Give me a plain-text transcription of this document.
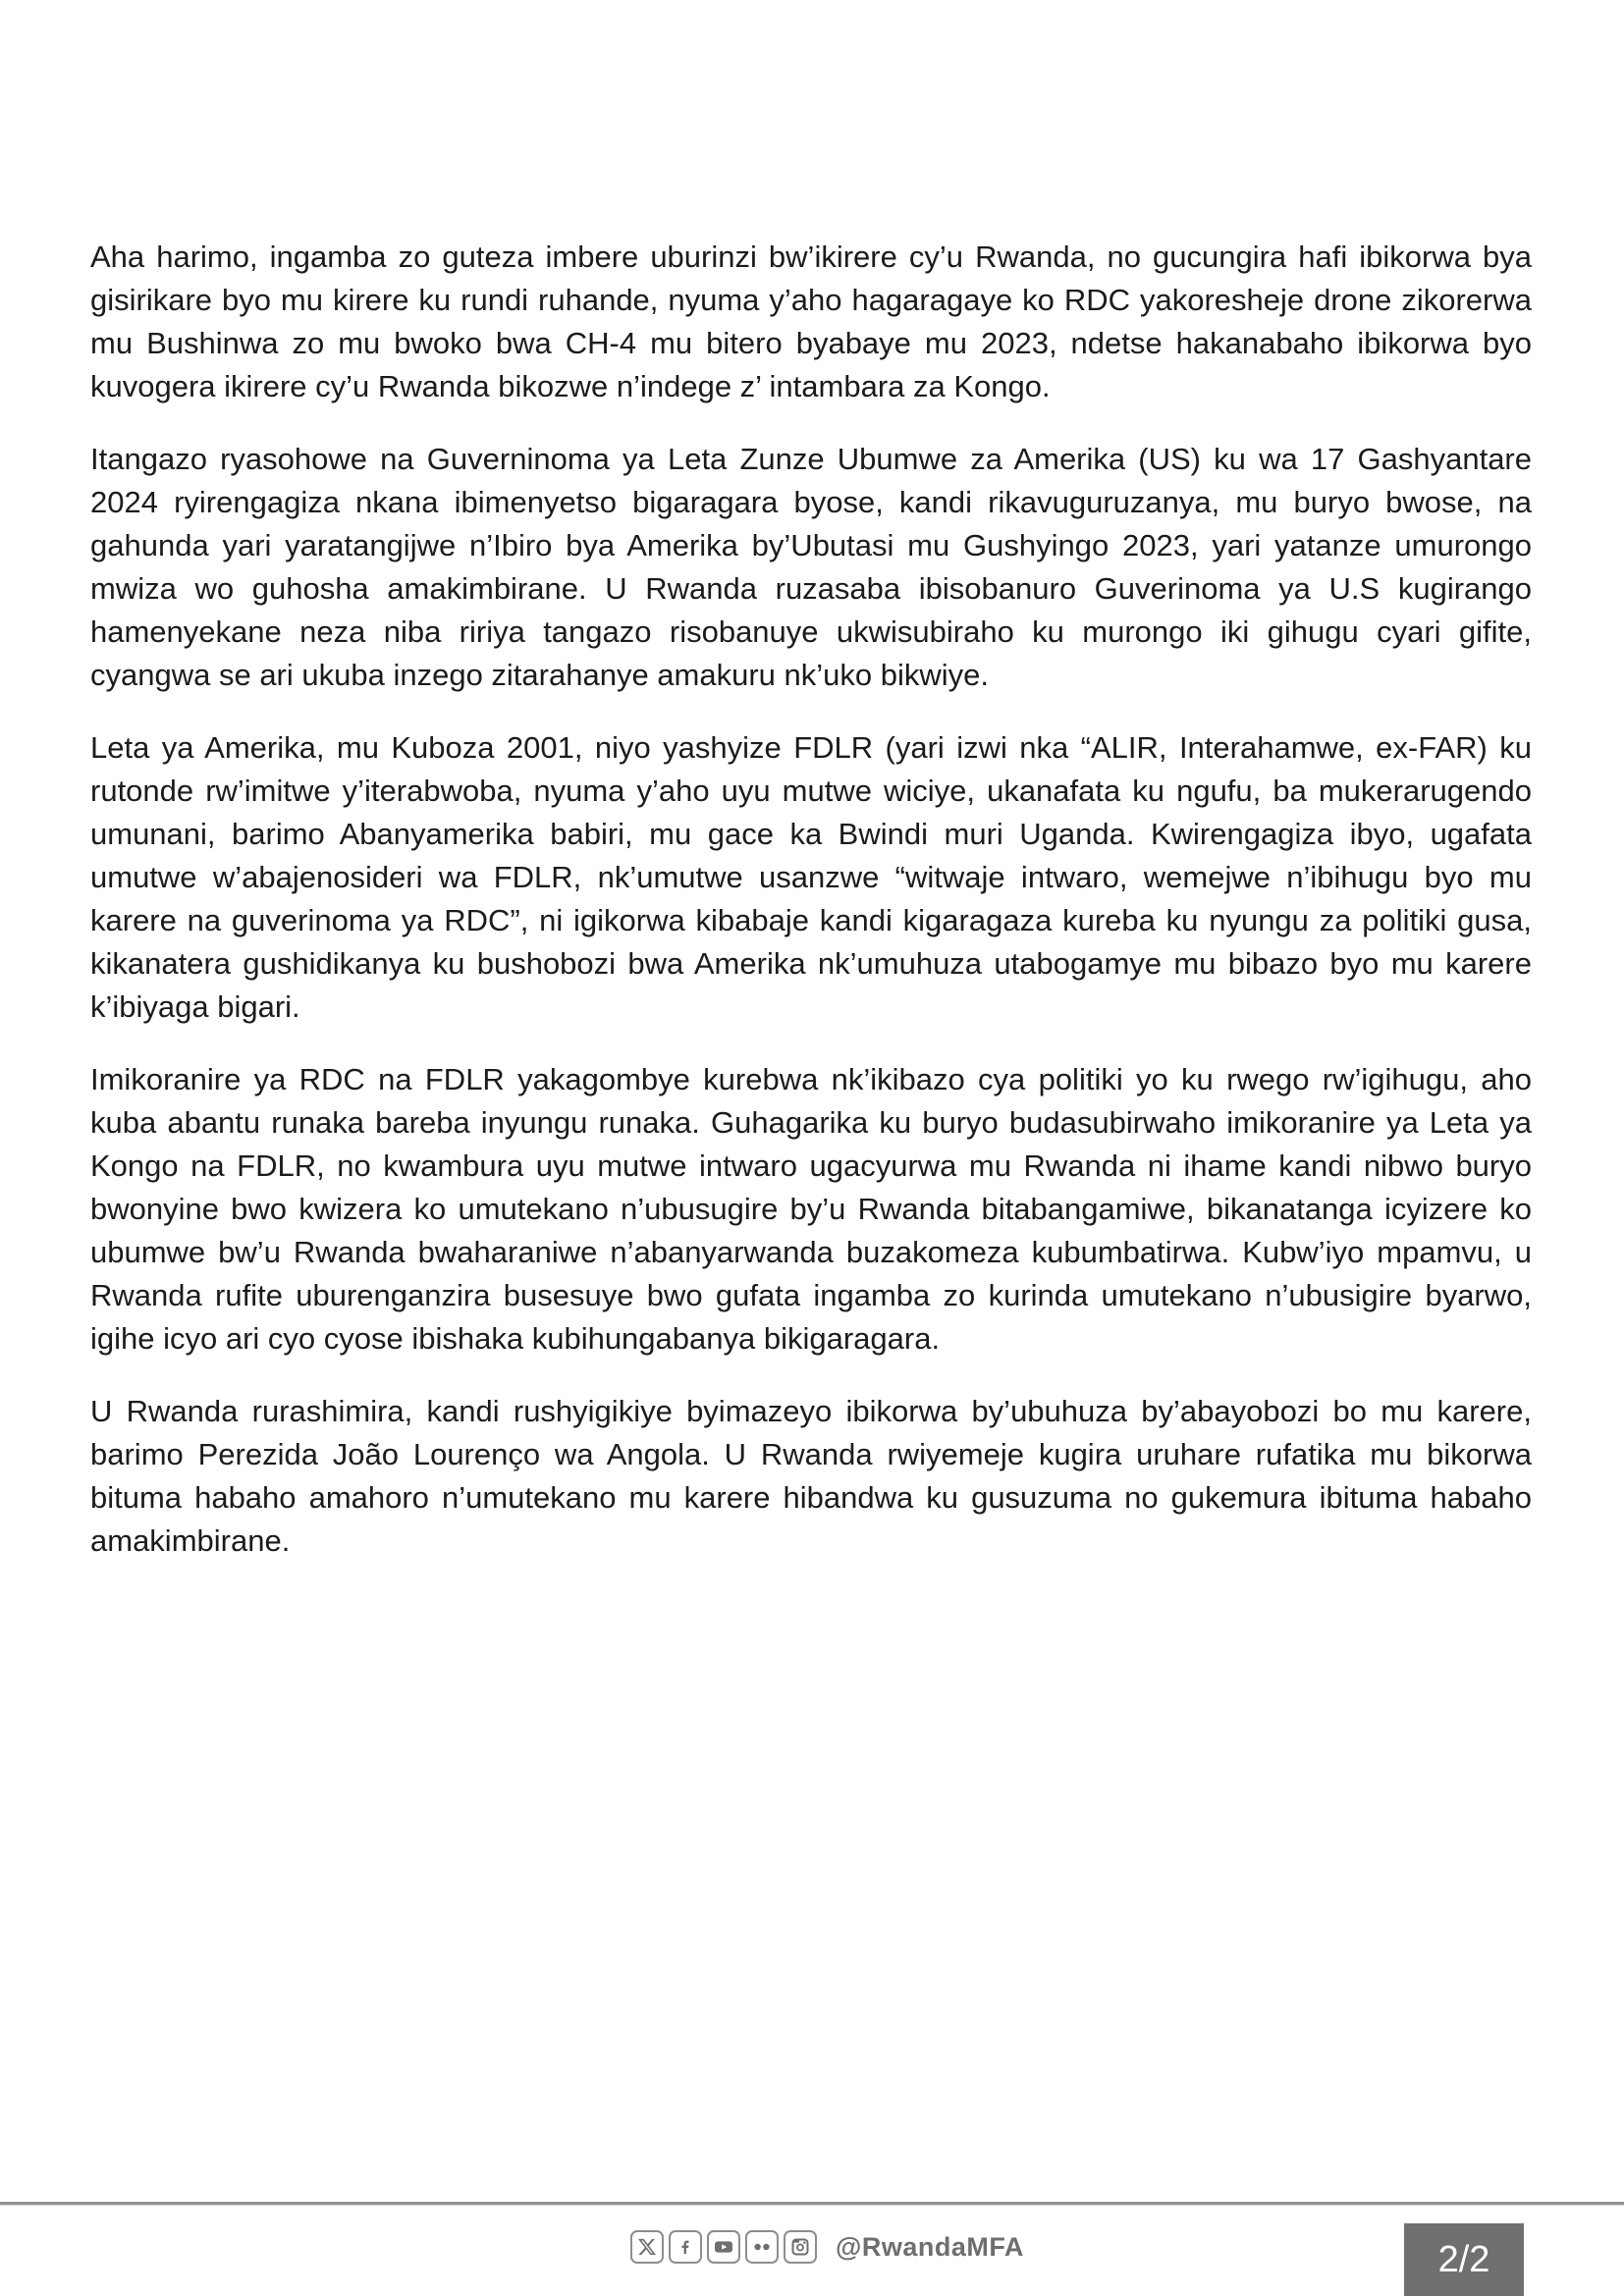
Aha harimo, ingamba zo guteza imbere uburinzi bw’ikirere cy’u Rwanda, no gucungira hafi ibikorwa bya gisirikare byo mu kirere ku rundi ruhande, nyuma y’aho hagaragaye ko RDC yakoresheje drone zikorerwa mu Bushinwa zo mu bwoko bwa CH-4 mu bitero byabaye mu 2023, ndetse hakanabaho ibikorwa byo kuvogera ikirere cy’u Rwanda bikozwe n’indege z’ intambara za Kongo.

Itangazo ryasohowe na Guverninoma ya Leta Zunze Ubumwe za Amerika (US) ku wa 17 Gashyantare 2024 ryirengagiza nkana ibimenyetso bigaragara byose, kandi rikavuguruzanya, mu buryo bwose, na gahunda yari yaratangijwe n’Ibiro bya Amerika by’Ubutasi mu Gushyingo 2023, yari yatanze umurongo mwiza wo guhosha amakimbirane. U Rwanda ruzasaba ibisobanuro Guverinoma ya U.S kugirango hamenyekane neza niba ririya tangazo risobanuye ukwisubiraho ku murongo iki gihugu cyari gifite, cyangwa se ari ukuba inzego zitarahanye amakuru nk’uko bikwiye.

Leta ya Amerika, mu Kuboza 2001, niyo yashyize FDLR (yari izwi nka “ALIR, Interahamwe, ex-FAR) ku rutonde rw’imitwe y’iterabwoba, nyuma y’aho uyu mutwe wiciye, ukanafata ku ngufu, ba mukerarugendo umunani, barimo Abanyamerika babiri, mu gace ka Bwindi muri Uganda. Kwirengagiza ibyo, ugafata umutwe w’abajenosideri wa FDLR, nk’umutwe usanzwe “witwaje intwaro, wemejwe n’ibihugu byo mu karere na guverinoma ya RDC”, ni igikorwa kibabaje kandi kigaragaza kureba ku nyungu za politiki gusa, kikanatera gushidikanya ku bushobozi bwa Amerika nk’umuhuza utabogamye mu bibazo byo mu karere k’ibiyaga bigari.

Imikoranire ya RDC na FDLR yakagombye kurebwa nk’ikibazo cya politiki yo ku rwego rw’igihugu, aho kuba abantu runaka bareba inyungu runaka. Guhagarika ku buryo budasubirwaho imikoranire ya Leta ya Kongo na FDLR, no kwambura uyu mutwe intwaro ugacyurwa mu Rwanda ni ihame kandi nibwo buryo bwonyine bwo kwizera ko umutekano n’ubusugire by’u Rwanda bitabangamiwe, bikanatanga icyizere ko ubumwe bw’u Rwanda bwaharaniwe n’abanyarwanda buzakomeza kubumbatirwa. Kubw’iyo mpamvu, u Rwanda rufite uburenganzira busesuye bwo gufata ingamba zo kurinda umutekano n’ubusigire byarwo, igihe icyo ari cyo cyose ibishaka kubihungabanya bikigaragara.

U Rwanda rurashimira, kandi rushyigikiye byimazeyo ibikorwa by’ubuhuza by’abayobozi bo mu karere, barimo Perezida João Lourenço wa Angola. U Rwanda rwiyemeje kugira uruhare rufatika mu bikorwa bituma habaho amahoro n’umutekano mu karere hibandwa ku gusuzuma no gukemura ibituma habaho amakimbirane.

@RwandaMFA	2/2
